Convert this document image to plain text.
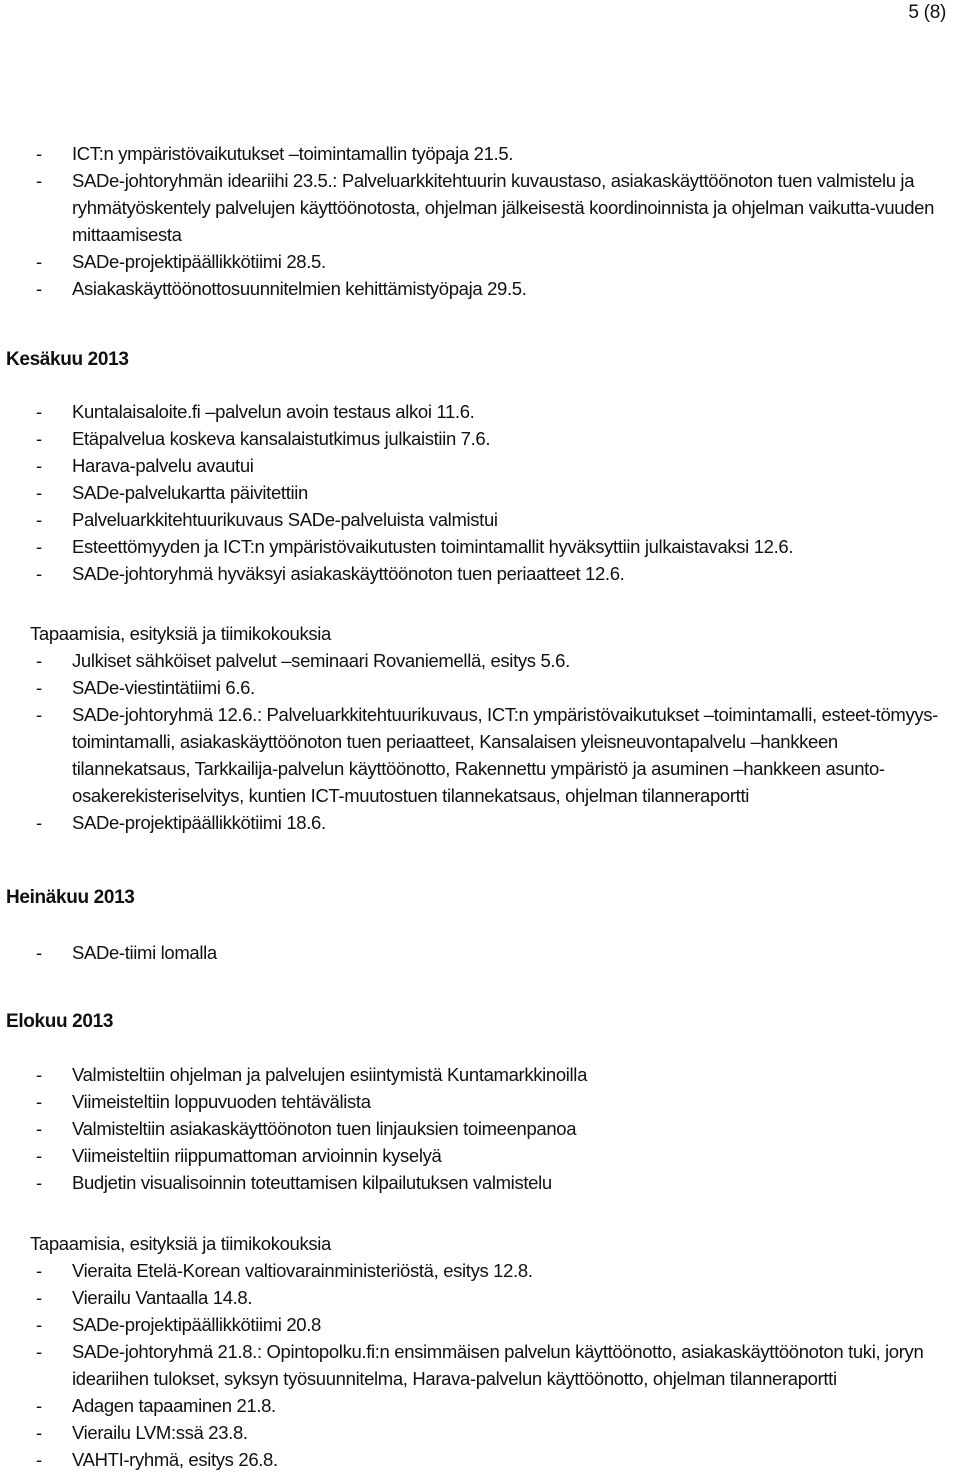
5 (8)
-	ICT:n ympäristövaikutukset –toimintamallin työpaja 21.5.
-	SADe-johtoryhmän ideariihi 23.5.: Palveluarkkitehtuurin kuvaustaso, asiakaskäyttöönoton tuen valmistelu ja ryhmätyöskentely palvelujen käyttöönotosta, ohjelman jälkeisestä koordinoinnista ja ohjelman vaikutta-vuuden mittaamisesta
-	SADe-projektipäällikkötiimi 28.5.
-	Asiakaskäyttöönottosuunnitelmien kehittämistyöpaja 29.5.
Kesäkuu 2013
-	Kuntalaisaloite.fi –palvelun avoin testaus alkoi 11.6.
-	Etäpalvelua koskeva kansalaistutkimus julkaistiin 7.6.
-	Harava-palvelu avautui
-	SADe-palvelukartta päivitettiin
-	Palveluarkkitehtuurikuvaus SADe-palveluista valmistui
-	Esteettömyyden ja ICT:n ympäristövaikutusten toimintamallit hyväksyttiin julkaistavaksi 12.6.
-	SADe-johtoryhmä hyväksyi asiakaskäyttöönoton tuen periaatteet 12.6.
Tapaamisia, esityksiä ja tiimikokouksia
-	Julkiset sähköiset palvelut –seminaari Rovaniemellä, esitys 5.6.
-	SADe-viestintätiimi 6.6.
-	SADe-johtoryhmä 12.6.: Palveluarkkitehtuurikuvaus, ICT:n ympäristövaikutukset –toimintamalli, esteet-tömyys-toimintamalli, asiakaskäyttöönoton tuen periaatteet, Kansalaisen yleisneuvontapalvelu –hankkeen tilannekatsaus, Tarkkailija-palvelun käyttöönotto, Rakennettu ympäristö ja asuminen –hankkeen asunto-osakerekisteriselvitys, kuntien ICT-muutostuen tilannekatsaus, ohjelman tilanneraportti
-	SADe-projektipäällikkötiimi 18.6.
Heinäkuu 2013
-	SADe-tiimi lomalla
Elokuu 2013
-	Valmisteltiin ohjelman ja palvelujen esiintymistä Kuntamarkkinoilla
-	Viimeisteltiin loppuvuoden tehtävälista
-	Valmisteltiin asiakaskäyttöönoton tuen linjauksien toimeenpanoa
-	Viimeisteltiin riippumattoman arvioinnin kyselyä
-	Budjetin visualisoinnin toteuttamisen kilpailutuksen valmistelu
Tapaamisia, esityksiä ja tiimikokouksia
-	Vieraita Etelä-Korean valtiovarainministeriöstä, esitys 12.8.
-	Vierailu Vantaalla 14.8.
-	SADe-projektipäällikkötiimi 20.8
-	SADe-johtoryhmä 21.8.: Opintopolku.fi:n ensimmäisen palvelun käyttöönotto, asiakaskäyttöönoton tuki, joryn ideariihen tulokset, syksyn työsuunnitelma, Harava-palvelun käyttöönotto, ohjelman tilanneraportti
-	Adagen tapaaminen 21.8.
-	Vierailu LVM:ssä 23.8.
-	VAHTI-ryhmä, esitys 26.8.
